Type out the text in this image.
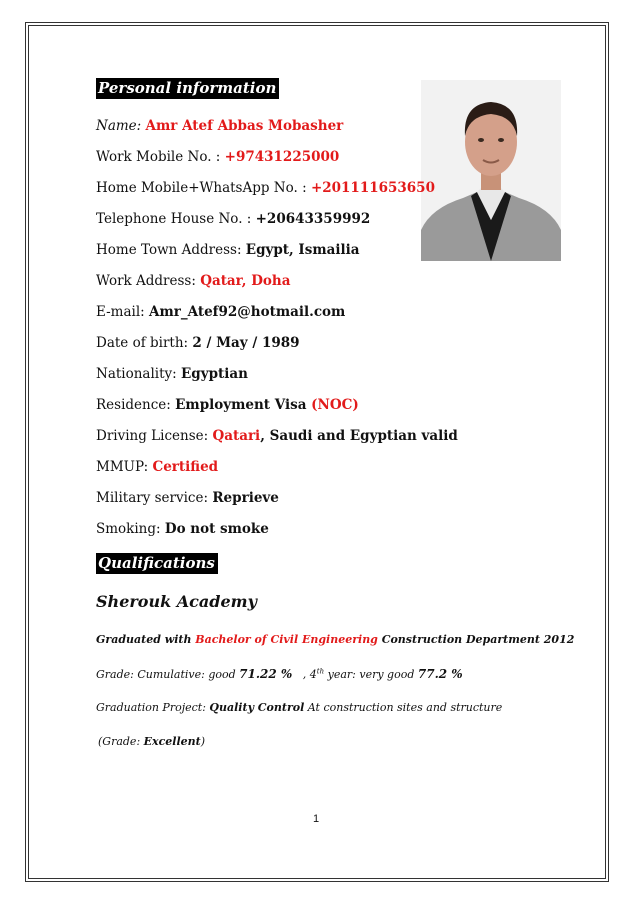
Personal information
Name: Amr Atef Abbas Mobasher
Work Mobile No. : +97431225000
Home Mobile+WhatsApp No. : +201111653650
Telephone House No. : +20643359992
Home Town Address: Egypt, Ismailia
Work Address: Qatar, Doha
E-mail: Amr_Atef92@hotmail.com
Date of birth: 2 / May / 1989
Nationality: Egyptian
Residence: Employment Visa (NOC)
Driving License: Qatari, Saudi and Egyptian valid
MMUP: Certified
Military service: Reprieve
Smoking: Do not smoke
Qualifications
Sherouk Academy
Graduated with Bachelor of Civil Engineering Construction Department 2012
Grade: Cumulative: good 71.22 %   , 4th year: very good 77.2 %
Graduation Project: Quality Control At construction sites and structure
(Grade: Excellent)
1
